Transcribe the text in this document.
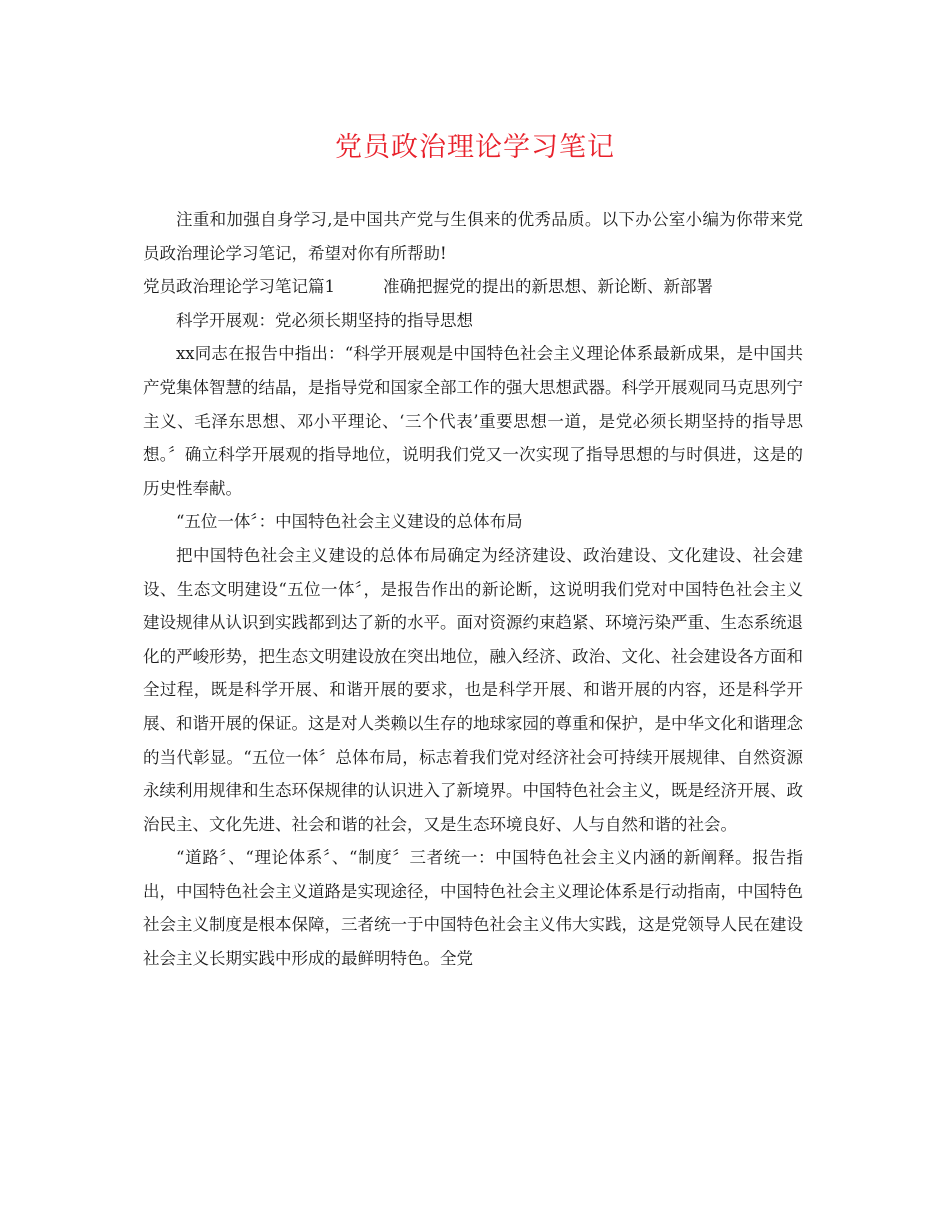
党员政治理论学习笔记

注重和加强自身学习,是中国共产党与生俱来的优秀品质。以下办公室小编为你带来党员政治理论学习笔记，希望对你有所帮助!

党员政治理论学习笔记篇1	准确把握党的提出的新思想、新论断、新部署

科学开展观：党必须长期坚持的指导思想

xx同志在报告中指出：“科学开展观是中国特色社会主义理论体系最新成果，是中国共产党集体智慧的结晶，是指导党和国家全部工作的强大思想武器。科学开展观同马克思列宁主义、毛泽东思想、邓小平理论、‘三个代表’重要思想一道，是党必须长期坚持的指导思想。〞确立科学开展观的指导地位，说明我们党又一次实现了指导思想的与时俱进，这是的历史性奉献。

“五位一体〞：中国特色社会主义建设的总体布局

把中国特色社会主义建设的总体布局确定为经济建设、政治建设、文化建设、社会建设、生态文明建设“五位一体〞，是报告作出的新论断，这说明我们党对中国特色社会主义建设规律从认识到实践都到达了新的水平。面对资源约束趋紧、环境污染严重、生态系统退化的严峻形势，把生态文明建设放在突出地位，融入经济、政治、文化、社会建设各方面和全过程，既是科学开展、和谐开展的要求，也是科学开展、和谐开展的内容，还是科学开展、和谐开展的保证。这是对人类赖以生存的地球家园的尊重和保护，是中华文化和谐理念的当代彰显。“五位一体〞总体布局，标志着我们党对经济社会可持续开展规律、自然资源永续利用规律和生态环保规律的认识进入了新境界。中国特色社会主义，既是经济开展、政治民主、文化先进、社会和谐的社会，又是生态环境良好、人与自然和谐的社会。

“道路〞、“理论体系〞、“制度〞三者统一：中国特色社会主义内涵的新阐释。报告指出，中国特色社会主义道路是实现途径，中国特色社会主义理论体系是行动指南，中国特色社会主义制度是根本保障，三者统一于中国特色社会主义伟大实践，这是党领导人民在建设社会主义长期实践中形成的最鲜明特色。全党
